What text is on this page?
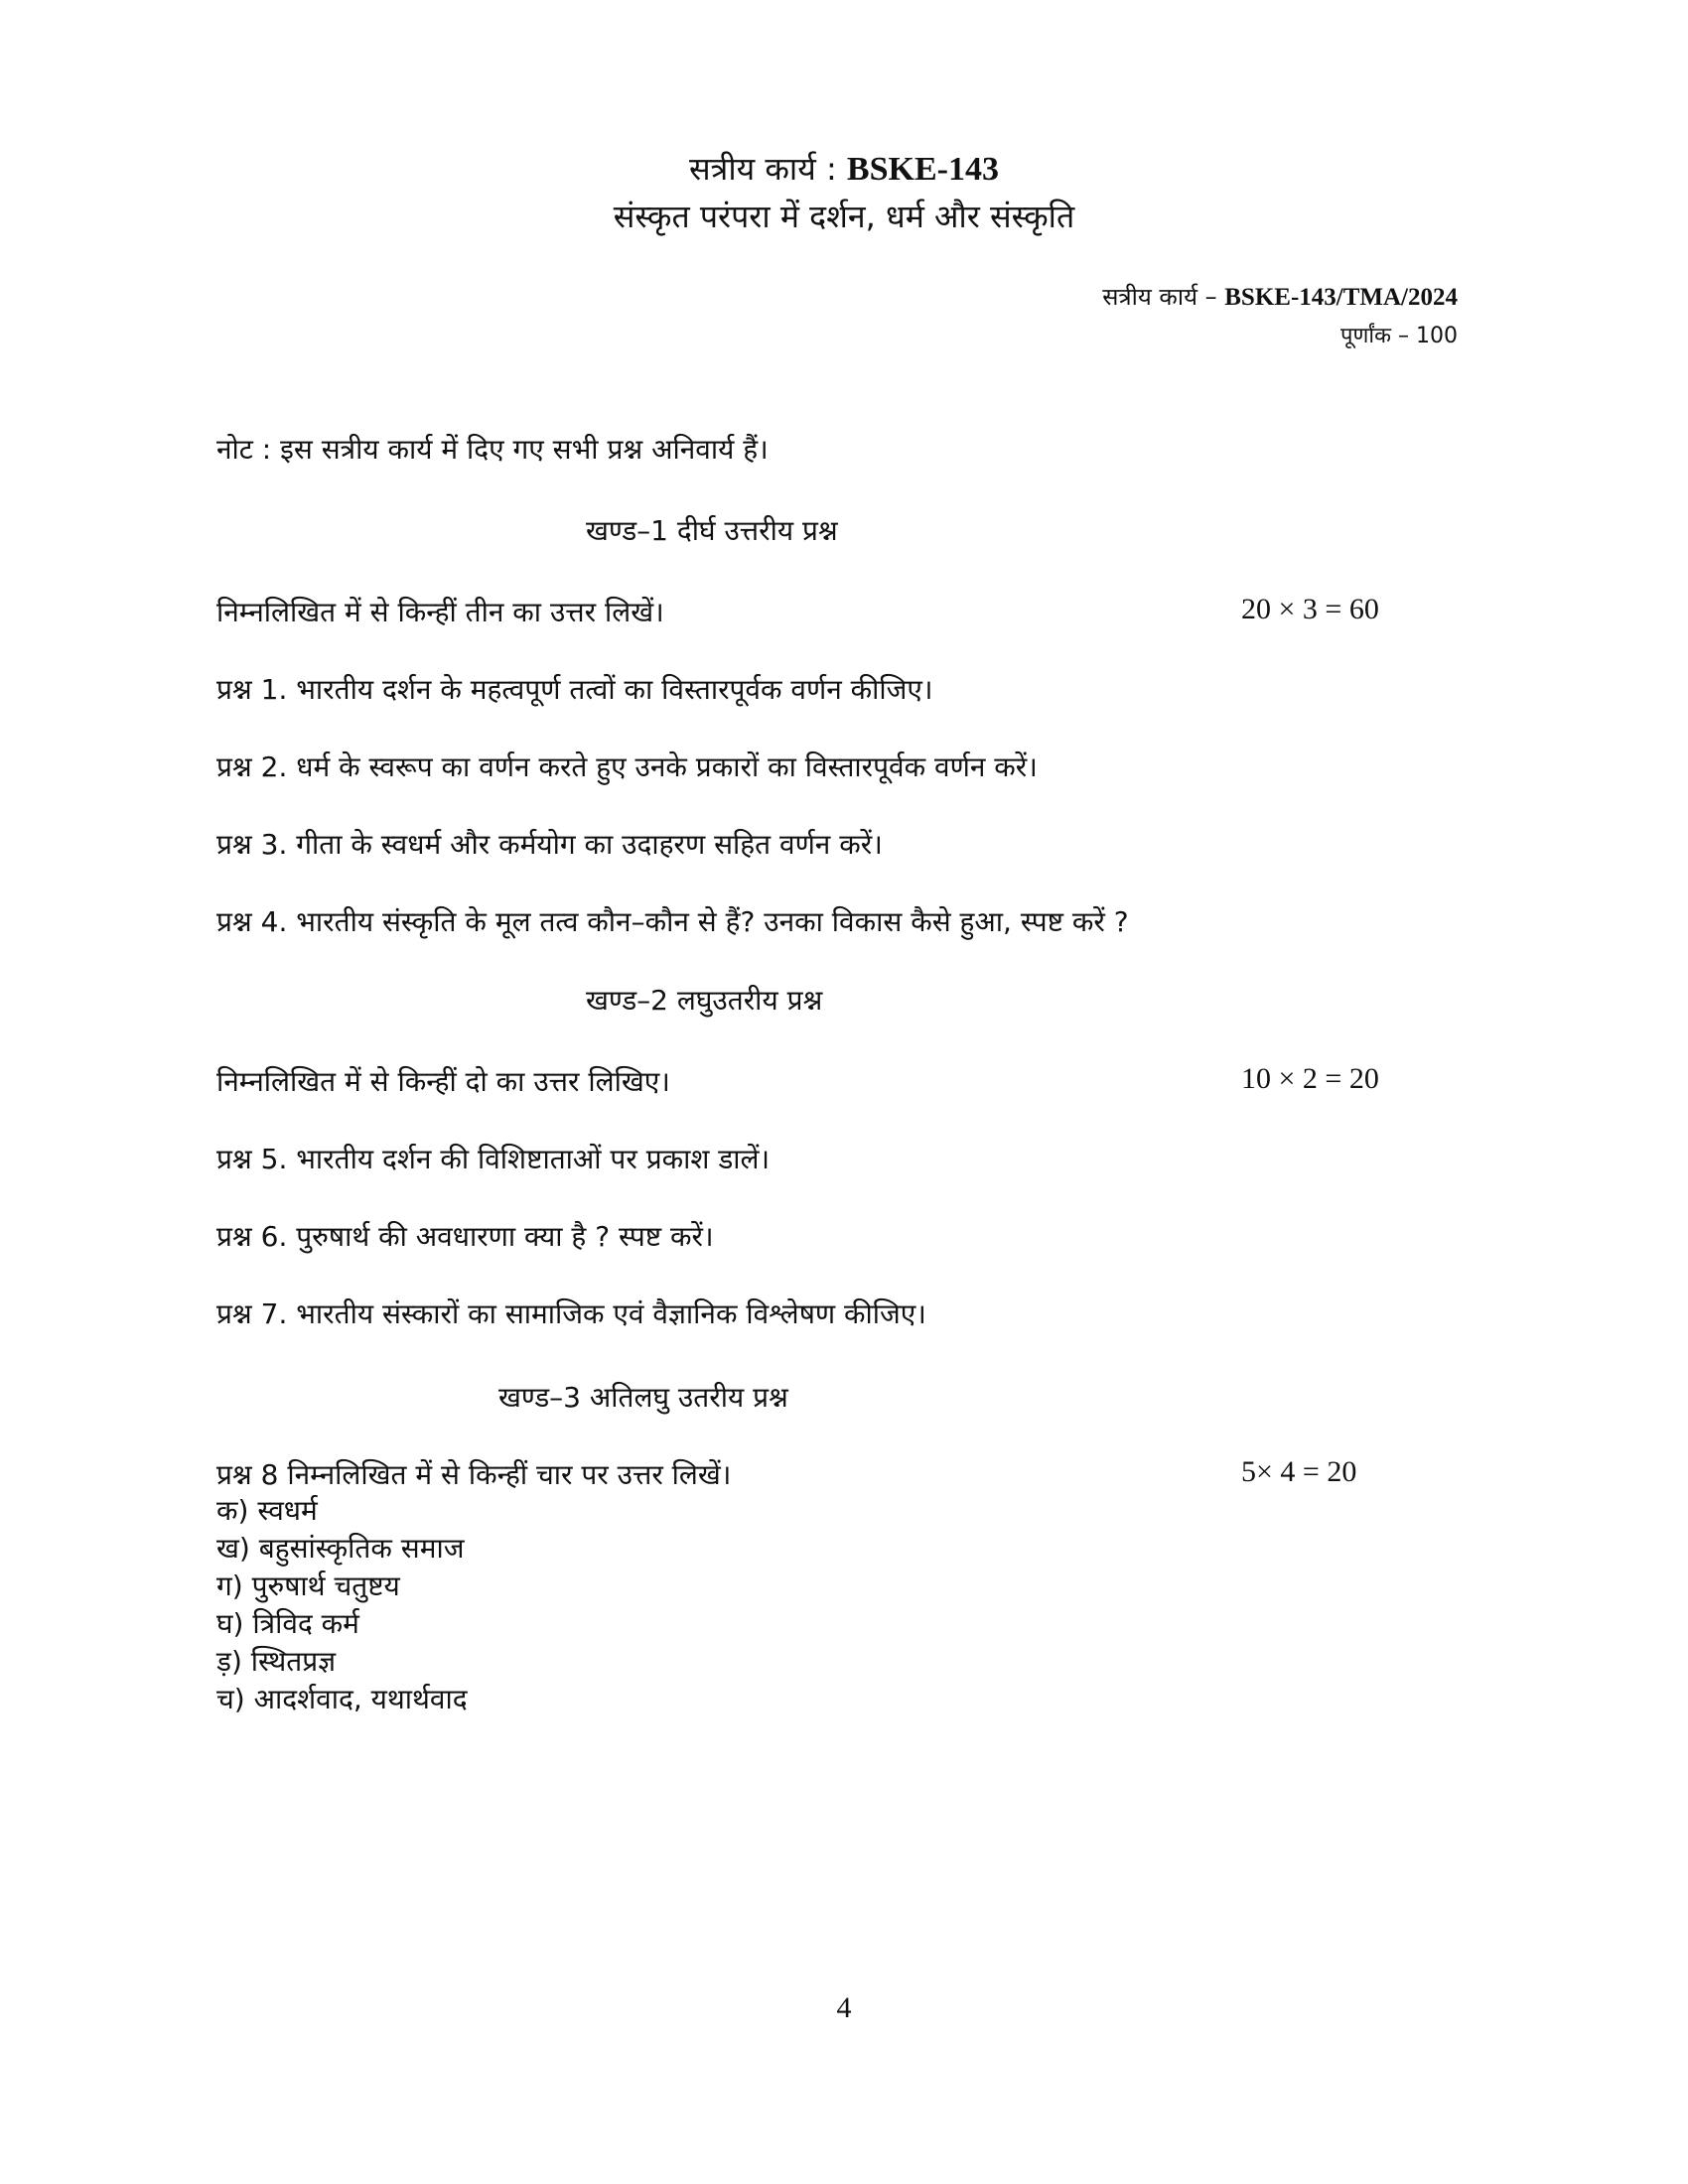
सत्रीय कार्य : BSKE-143
संस्कृत परंपरा में दर्शन, धर्म और संस्कृति
सत्रीय कार्य – BSKE-143/TMA/2024
पूर्णांक – 100
नोट : इस सत्रीय कार्य में दिए गए सभी प्रश्न अनिवार्य हैं।
खण्ड–1 दीर्घ उत्तरीय प्रश्न
निम्नलिखित में से किन्हीं तीन का उत्तर लिखें।	20 × 3 = 60
प्रश्न 1. भारतीय दर्शन के महत्वपूर्ण तत्वों का विस्तारपूर्वक वर्णन कीजिए।
प्रश्न 2. धर्म के स्वरूप का वर्णन करते हुए उनके प्रकारों का विस्तारपूर्वक वर्णन करें।
प्रश्न 3. गीता के स्वधर्म और कर्मयोग का उदाहरण सहित वर्णन करें।
प्रश्न 4. भारतीय संस्कृति के मूल तत्व कौन–कौन से हैं? उनका विकास कैसे हुआ, स्पष्ट करें ?
खण्ड–2 लघुउतरीय प्रश्न
निम्नलिखित में से किन्हीं दो का उत्तर लिखिए।	10 × 2 = 20
प्रश्न 5. भारतीय दर्शन की विशिष्टाताओं पर प्रकाश डालें।
प्रश्न 6. पुरुषार्थ की अवधारणा क्या है ? स्पष्ट करें।
प्रश्न 7. भारतीय संस्कारों का सामाजिक एवं वैज्ञानिक विश्लेषण कीजिए।
खण्ड–3 अतिलघु उतरीय प्रश्न
प्रश्न 8 निम्नलिखित में से किन्हीं चार पर उत्तर लिखें।	5× 4 = 20
क) स्वधर्म
ख) बहुसांस्कृतिक समाज
ग) पुरुषार्थ चतुष्टय
घ) त्रिविद कर्म
ड़) स्थितप्रज्ञ
च) आदर्शवाद, यथार्थवाद
4
